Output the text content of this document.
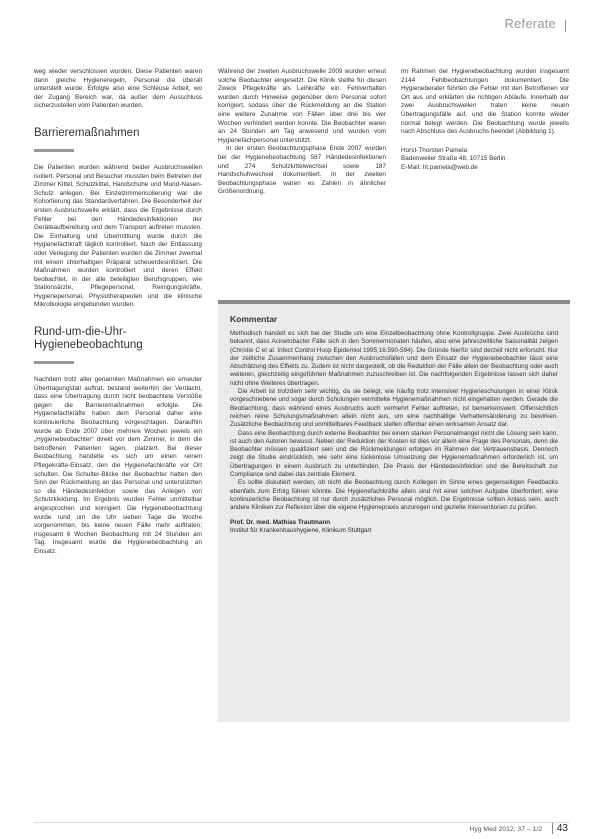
Referate

weg wieder verschlossen wurden. Diese Patienten waren dann gleiche Hygieneregeln, Personal die überall unterstellt wurde, Erfolgte also eine Schleuse Arbeit, wo der Zugang Bereich war, da außer dem Ausschluss sicherzustellen vom Patienten wurden.

Barrieremaßnahmen

Die Patienten wurden während beider Ausbruchswellen isoliert. Personal und Besucher mussten beim Betreten der Zimmer Kittel, Schutzkittel, Handschuhe und Mund-Nasen-Schutz anlegen. Bei Einzelzimmerisolierung war die Kohortierung das Standardverfahren. Die Besonderheit der ersten Ausbruchswelle erklärt, dass die Ergebnisse durch Fehler bei den Händedesinfektionen der Geräteaufbereitung und dem Transport auftreten mussten. Die Einhaltung und Übermittlung wurde durch die Hygienefachkraft täglich kontrolliert. Nach der Entlassung oder Verlegung der Patienten wurden die Zimmer zweimal mit einem chlorhaltigen Präparat scheuerdesinfiziert. Die Maßnahmen wurden kontrolliert und deren Effekt beobachtet, in der alle beteiligten Berufsgruppen, wie Stationsärzte, Pflegepersonal, Reinigungskräfte, Hygienepersonal, Physiotherapeuten und die klinische Mikrobiologie eingebunden wurden.

Rund-um-die-Uhr-Hygienebeobachtung

Nachdem trotz aller genannten Maßnahmen ein erneuter Übertragungsfall auftrat, bestand weiterhin der Verdacht, dass eine Übertragung durch nicht beobachtete Verstöße gegen die Barrieremaßnahmen erfolgte. Die Hygienefachkräfte haben dem Personal daher eine kontinuierliche Beobachtung vorgeschlagen. Daraufhin wurde ab Ende 2007 über mehrere Wochen jeweils ein „Hygienebeobachter“ direkt vor dem Zimmer, in dem die betroffenen Patienten lagen, platziert. Bei dieser Beobachtung handelte es sich um einen reinen Pflegekräfte-Einsatz, den die Hygienefachkräfte vor Ort schulten. Die Schulter-Blicke der Beobachter hatten den Sinn der Rückmeldung an das Personal und unterstützten so die Händedesinfektion sowie das Anlegen von Schutzkleidung. Im Ergebnis wurden Fehler unmittelbar angesprochen und korrigiert. Die Hygienebeobachtung wurde rund um die Uhr sieben Tage die Woche vorgenommen, bis keine neuen Fälle mehr auftraten; insgesamt 6 Wochen Beobachtung mit 24 Stunden am Tag. Insgesamt wurde die Hygienebeobachtung an Einsatz.

Während der zweiten Ausbruchswelle 2009 wurden erneut solche Beobachter eingesetzt. Die Klinik stellte für diesen Zweck Pflegekräfte als Leihkräfte ein. Fehlverhalten wurden durch Hinweise gegenüber dem Personal sofort korrigiert, sodass über die Rückmeldung an die Station eine weitere Zunahme von Fällen über drei bis vier Wochen verhindert werden konnte. Die Beobachter waren an 24 Stunden am Tag anwesend und wurden vom Hygienefachpersonal unterstützt.

In der ersten Beobachtungsphase Ende 2007 wurden bei der Hygienebeobachtung 587 Händedesinfektionen und 274 Schutzkittelwechsel sowie 187 Handschuhwechsel dokumentiert. In der zweiten Beobachtungsphase waren es Zahlen in ähnlicher Größenordnung.

Im Rahmen der Hygienebeobachtung wurden insgesamt 2144 Fehlbeobachtungen dokumentiert. Die Hygieneberater führten die Fehler mit den Betroffenen vor Ort aus und erklärten die richtigen Abläufe. Innerhalb der zwei Ausbruchswellen traten keine neuen Übertragungsfälle auf, und die Station konnte wieder normal belegt werden. Die Beobachtung wurde jeweils nach Abschluss des Ausbruchs beendet (Abbildung 1).

Horst-Thorsten Pamela
Badenweiler Straße 48, 10715 Berlin
E-Mail: ht.pamela@web.de
Kommentar

Methodisch handelt es sich bei der Studie um eine Einzelbeobachtung ohne Kontrollgruppe. Zwei Ausbrüche sind bekannt, dass Acinetobacter Fälle sich in den Sommermonaten häufen, also eine jahreszeitliche Saisonalität zeigen (Christie C et al. Infect Control Hosp Epidemiol 1995;16:590-594). Die Gründe hierfür sind derzeit nicht erforscht. Nur der zeitliche Zusammenhang zwischen den Ausbruchsfällen und dem Einsatz der Hygienebeobachter lässt eine Abschätzung des Effekts zu. Zudem ist nicht dargestellt, ob die Reduktion der Fälle allein der Beobachtung oder auch weiteren, gleichzeitig eingeführten Maßnahmen zuzuschreiben ist. Die nachfolgenden Ergebnisse lassen sich daher nicht ohne Weiteres übertragen.

Die Arbeit ist trotzdem sehr wichtig, da sie belegt, wie häufig trotz intensiver Hygieneschulungen in einer Klinik vorgeschriebene und sogar durch Schulungen vermittelte Hygienemaßnahmen nicht eingehalten werden. Gerade die Beobachtung, dass während eines Ausbruchs auch vermehrt Fehler auftreten, ist bemerkenswert. Offensichtlich reichen reine Schulungsmaßnahmen allein nicht aus, um eine nachhaltige Verhaltensänderung zu bewirken. Zusätzliche Beobachtung und unmittelbares Feedback stellen offenbar einen wirksamen Ansatz dar.

Dass eine Beobachtung durch externe Beobachter bei einem starken Personalmangel nicht die Lösung sein kann, ist auch den Autoren bewusst. Neben der Reduktion der Kosten ist dies vor allem eine Frage des Personals, denn die Beobachter müssen qualifiziert sein und die Rückmeldungen erfolgen im Rahmen der Vertrauensbasis. Dennoch zeigt die Studie eindrücklich, wie sehr eine lückenlose Umsetzung der Hygienemaßnahmen erforderlich ist, um Übertragungen in einem Ausbruch zu unterbinden. Die Praxis der Händedesinfektion und die Bereitschaft zur Compliance sind dabei das zentrale Element.

Es sollte diskutiert werden, ob nicht die Beobachtung durch Kollegen im Sinne eines gegenseitigen Feedbacks ebenfalls zum Erfolg führen könnte. Die Hygienefachkräfte allein sind mit einer solchen Aufgabe überfordert, eine kontinuierliche Beobachtung ist nur durch zusätzliches Personal möglich. Die Ergebnisse sollten Anlass sein, auch andere Kliniken zur Reflexion über die eigene Hygienepraxis anzuregen und gezielte Interventionen zu prüfen.

Prof. Dr. med. Mathias Trautmann
Institut für Krankenhaushygiene, Klinikum Stuttgart
Hyg Med 2012; 37 – 1/2	43
